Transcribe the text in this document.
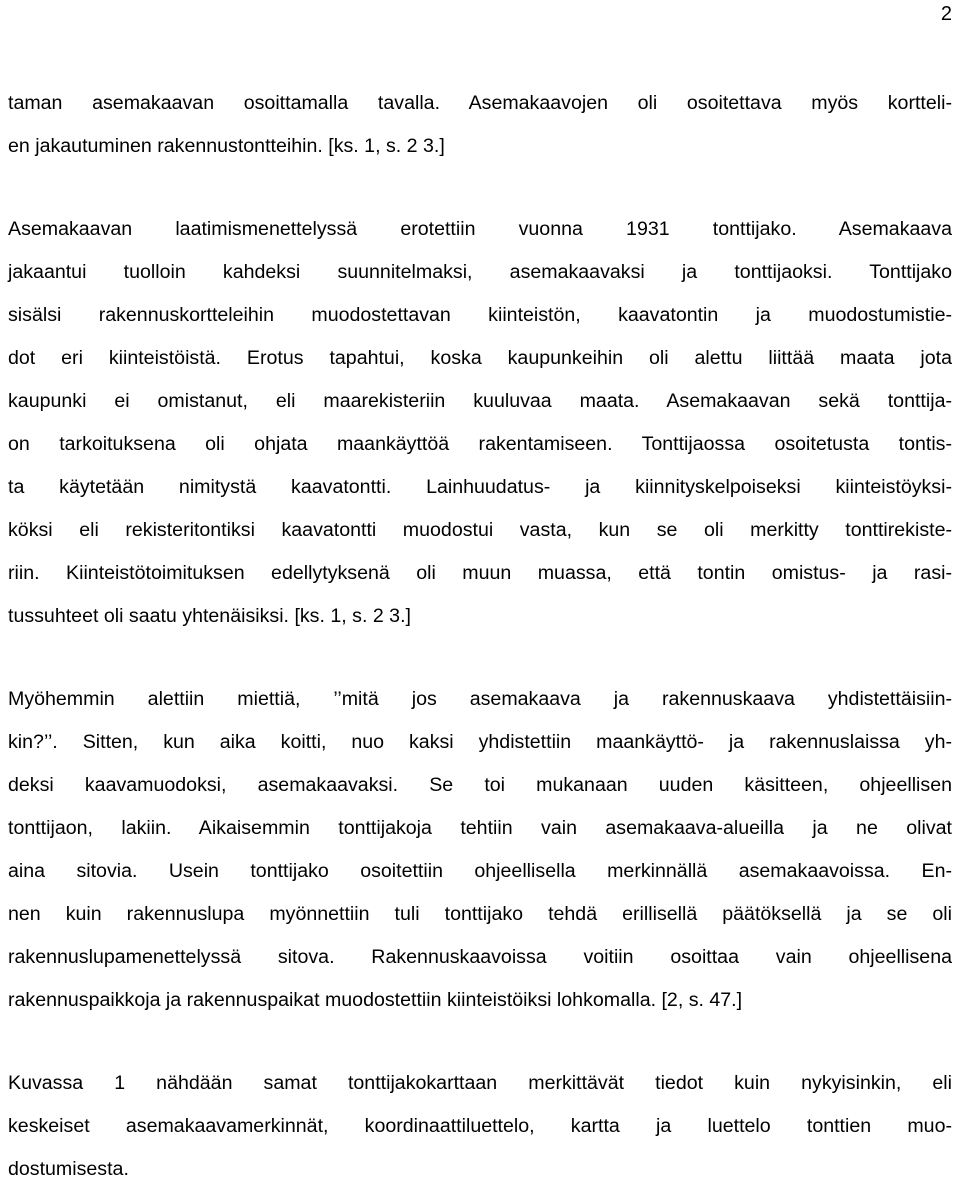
2

taman asemakaavan osoittamalla tavalla. Asemakaavojen oli osoitettava myös kortteli-
en jakautuminen rakennustontteihin. [ks. 1, s. 2 3.]

Asemakaavan laatimismenettelyssä erotettiin vuonna 1931 tonttijako. Asemakaava
jakaantui tuolloin kahdeksi suunnitelmaksi, asemakaavaksi ja tonttijaoksi. Tonttijako
sisälsi rakennuskortteleihin muodostettavan kiinteistön, kaavatontin ja muodostumistie-
dot eri kiinteistöistä. Erotus tapahtui, koska kaupunkeihin oli alettu liittää maata jota
kaupunki ei omistanut, eli maarekisteriin kuuluvaa maata. Asemakaavan sekä tonttija-
on tarkoituksena oli ohjata maankäyttöä rakentamiseen. Tonttijaossa osoitetusta tontis-
ta käytetään nimitystä kaavatontti. Lainhuudatus- ja kiinnityskelpoiseksi kiinteistöyksi-
köksi eli rekisteritontiksi kaavatontti muodostui vasta, kun se oli merkitty tonttirekiste-
riin. Kiinteistötoimituksen edellytyksenä oli muun muassa, että tontin omistus- ja rasi-
tussuhteet oli saatu yhtenäisiksi. [ks. 1, s. 2 3.]

Myöhemmin alettiin miettiä, ’’mitä jos asemakaava ja rakennuskaava yhdistettäisiin-
kin?’’. Sitten, kun aika koitti, nuo kaksi yhdistettiin maankäyttö- ja rakennuslaissa yh-
deksi kaavamuodoksi, asemakaavaksi. Se toi mukanaan uuden käsitteen, ohjeellisen
tonttijaon, lakiin. Aikaisemmin tonttijakoja tehtiin vain asemakaava-alueilla ja ne olivat
aina sitovia. Usein tonttijako osoitettiin ohjeellisella merkinnällä asemakaavoissa. En-
nen kuin rakennuslupa myönnettiin tuli tonttijako tehdä erillisellä päätöksellä ja se oli
rakennuslupamenettelyssä sitova. Rakennuskaavoissa voitiin osoittaa vain ohjeellisena
rakennuspaikkoja ja rakennuspaikat muodostettiin kiinteistöiksi lohkomalla. [2, s. 47.]

Kuvassa 1 nähdään samat tonttijakokarttaan merkittävät tiedot kuin nykyisinkin, eli
keskeiset asemakaavamerkinnät, koordinaattiluettelo, kartta ja luettelo tonttien muo-
dostumisesta.
